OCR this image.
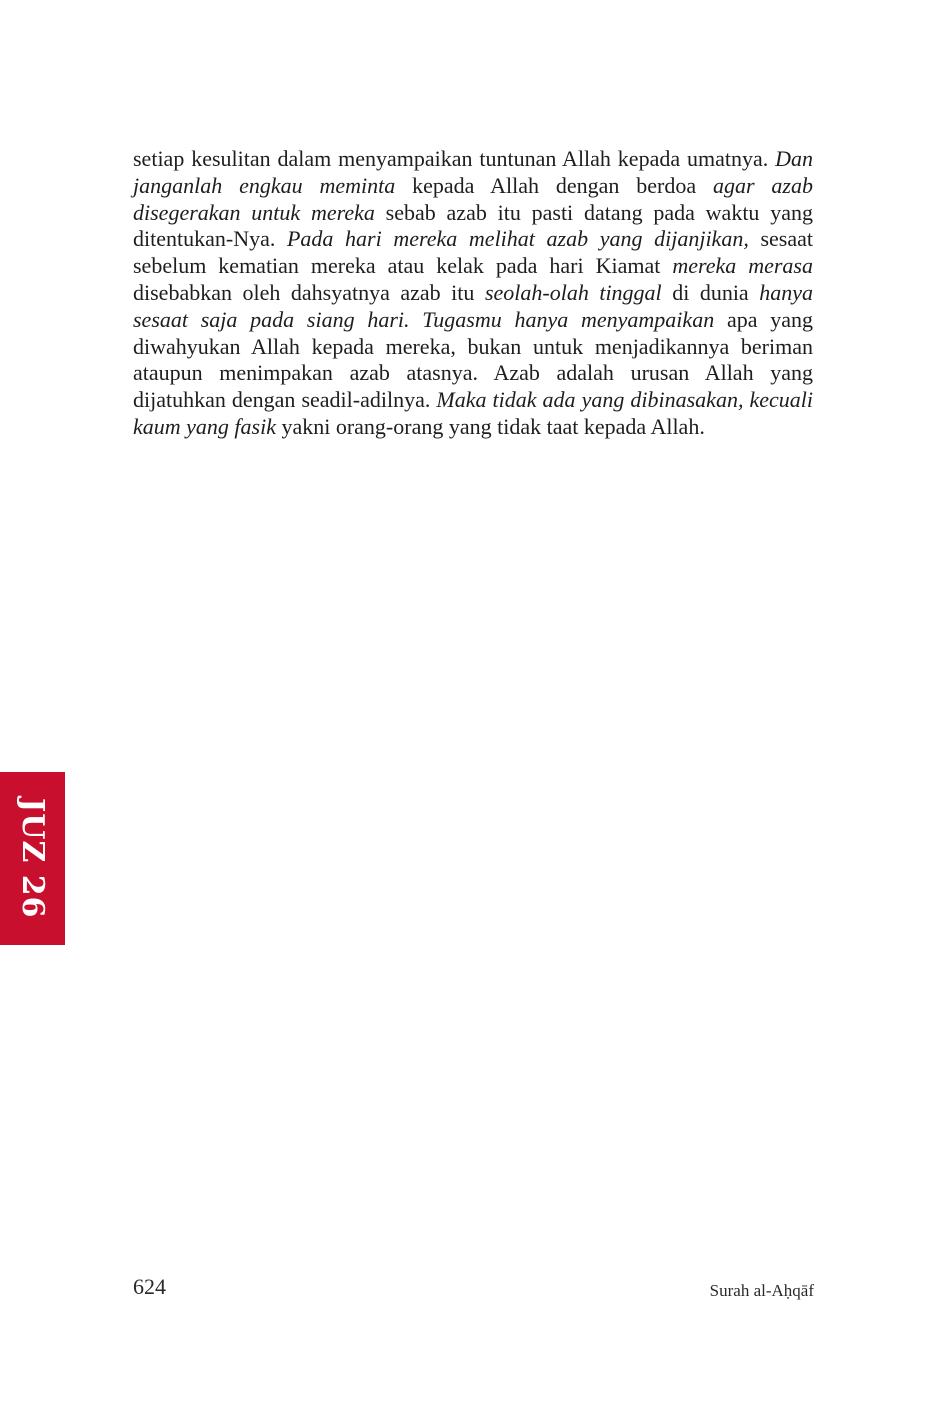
setiap kesulitan dalam menyampaikan tuntunan Allah kepada umatnya. Dan janganlah engkau meminta kepada Allah dengan berdoa agar azab disegerakan untuk mereka sebab azab itu pasti datang pada waktu yang ditentukan-Nya. Pada hari mereka melihat azab yang dijanjikan, sesaat sebelum kematian mereka atau kelak pada hari Kiamat mereka merasa disebabkan oleh dahsyatnya azab itu seolah-olah tinggal di dunia hanya sesaat saja pada siang hari. Tugasmu hanya menyampaikan apa yang diwahyukan Allah kepada mereka, bukan untuk menjadikannya beriman ataupun menimpakan azab atasnya. Azab adalah urusan Allah yang dijatuhkan dengan seadil-adilnya. Maka tidak ada yang dibinasakan, kecuali kaum yang fasik yakni orang-orang yang tidak taat kepada Allah.

JUZ 26
624	Surah al-Aḥqāf
